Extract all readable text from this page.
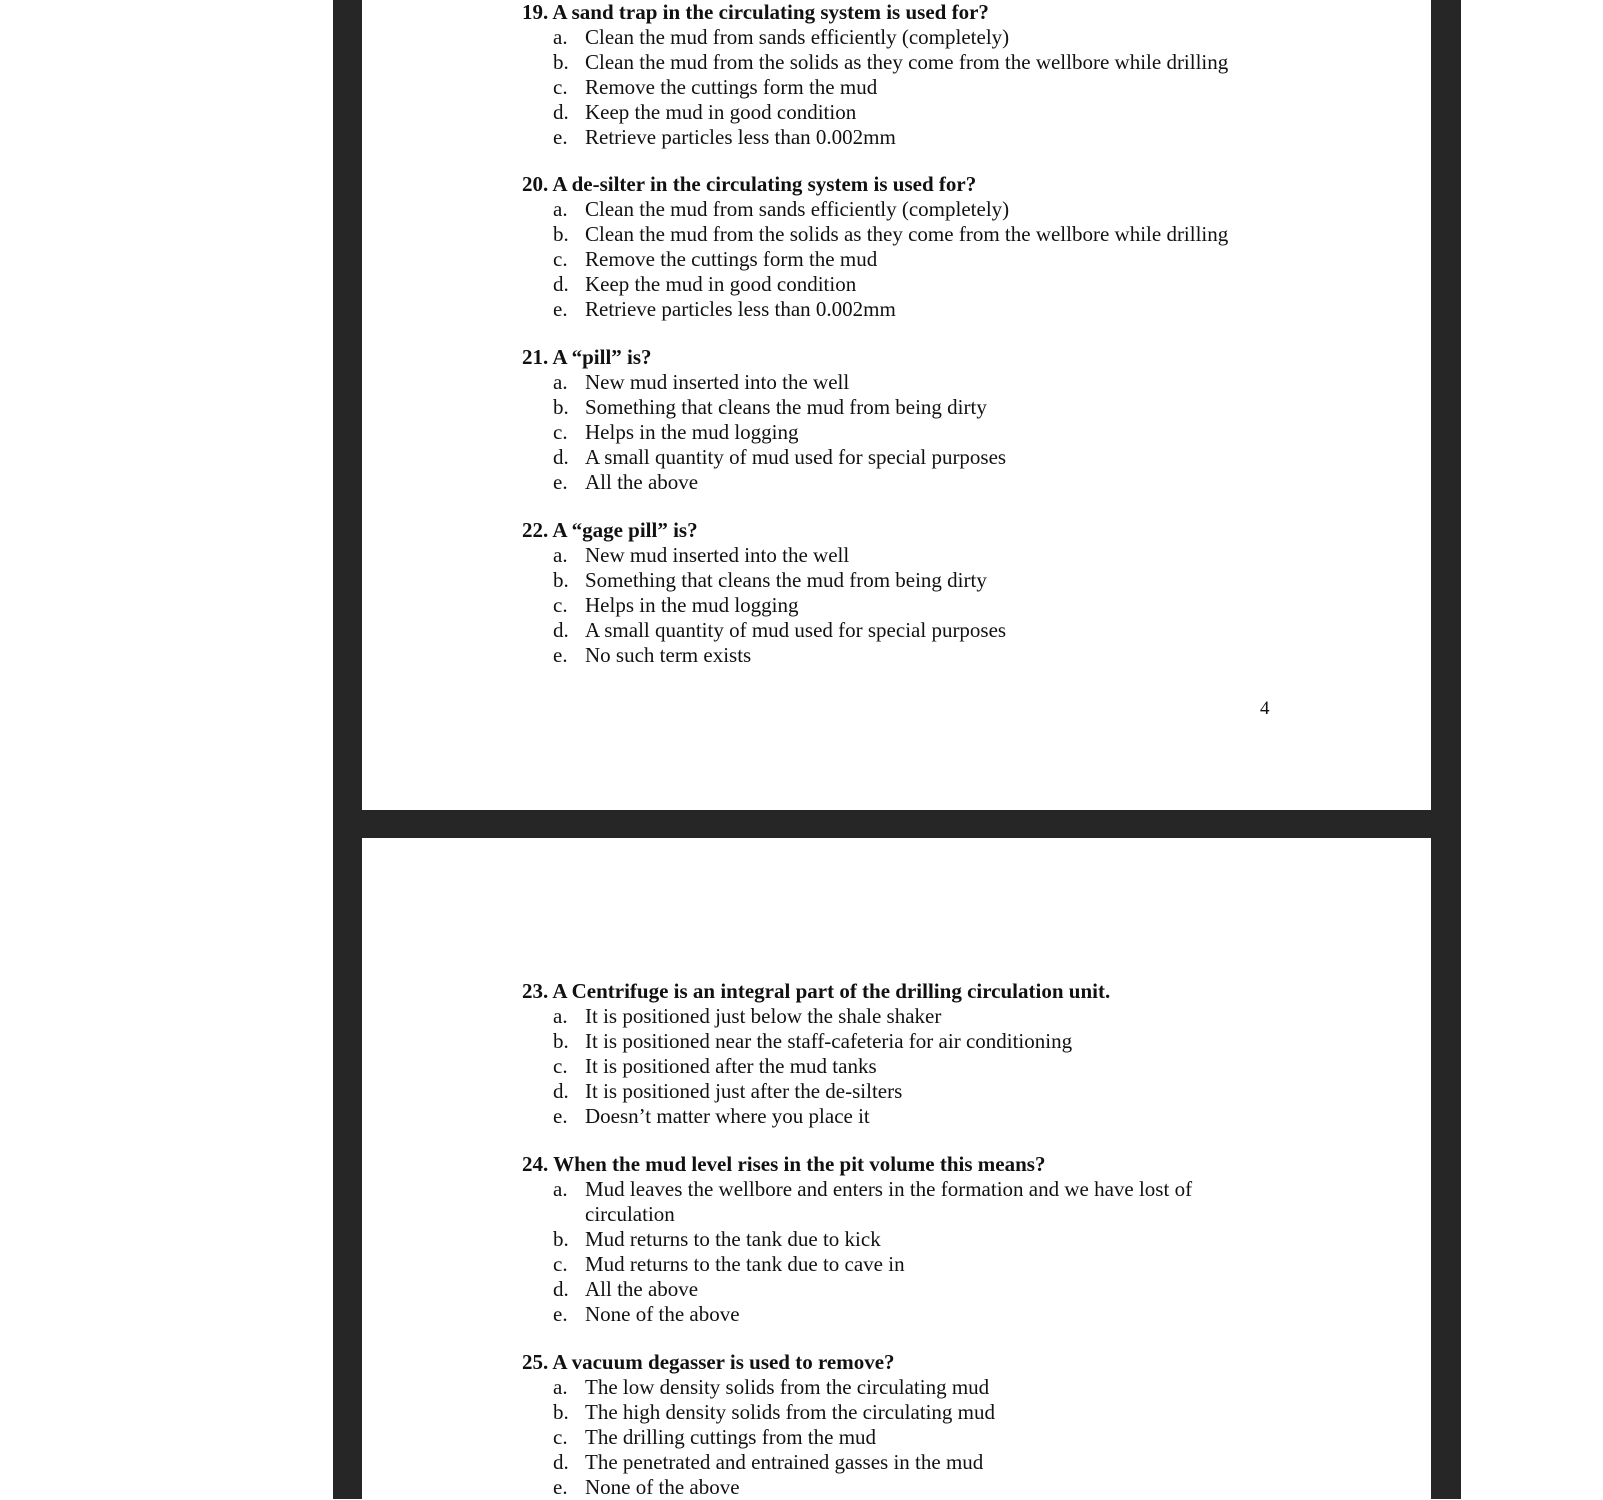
19. A sand trap in the circulating system is used for?
a. Clean the mud from sands efficiently (completely)
b. Clean the mud from the solids as they come from the wellbore while drilling
c. Remove the cuttings form the mud
d. Keep the mud in good condition
e. Retrieve particles less than 0.002mm
20. A de-silter in the circulating system is used for?
a. Clean the mud from sands efficiently (completely)
b. Clean the mud from the solids as they come from the wellbore while drilling
c. Remove the cuttings form the mud
d. Keep the mud in good condition
e. Retrieve particles less than 0.002mm
21. A “pill” is?
a. New mud inserted into the well
b. Something that cleans the mud from being dirty
c. Helps in the mud logging
d. A small quantity of mud used for special purposes
e. All the above
22. A “gage pill” is?
a. New mud inserted into the well
b. Something that cleans the mud from being dirty
c. Helps in the mud logging
d. A small quantity of mud used for special purposes
e. No such term exists
4
23. A Centrifuge is an integral part of the drilling circulation unit.
a. It is positioned just below the shale shaker
b. It is positioned near the staff-cafeteria for air conditioning
c. It is positioned after the mud tanks
d. It is positioned just after the de-silters
e. Doesn’t matter where you place it
24. When the mud level rises in the pit volume this means?
a. Mud leaves the wellbore and enters in the formation and we have lost of circulation
b. Mud returns to the tank due to kick
c. Mud returns to the tank due to cave in
d. All the above
e. None of the above
25. A vacuum degasser is used to remove?
a. The low density solids from the circulating mud
b. The high density solids from the circulating mud
c. The drilling cuttings from the mud
d. The penetrated and entrained gasses in the mud
e. None of the above
